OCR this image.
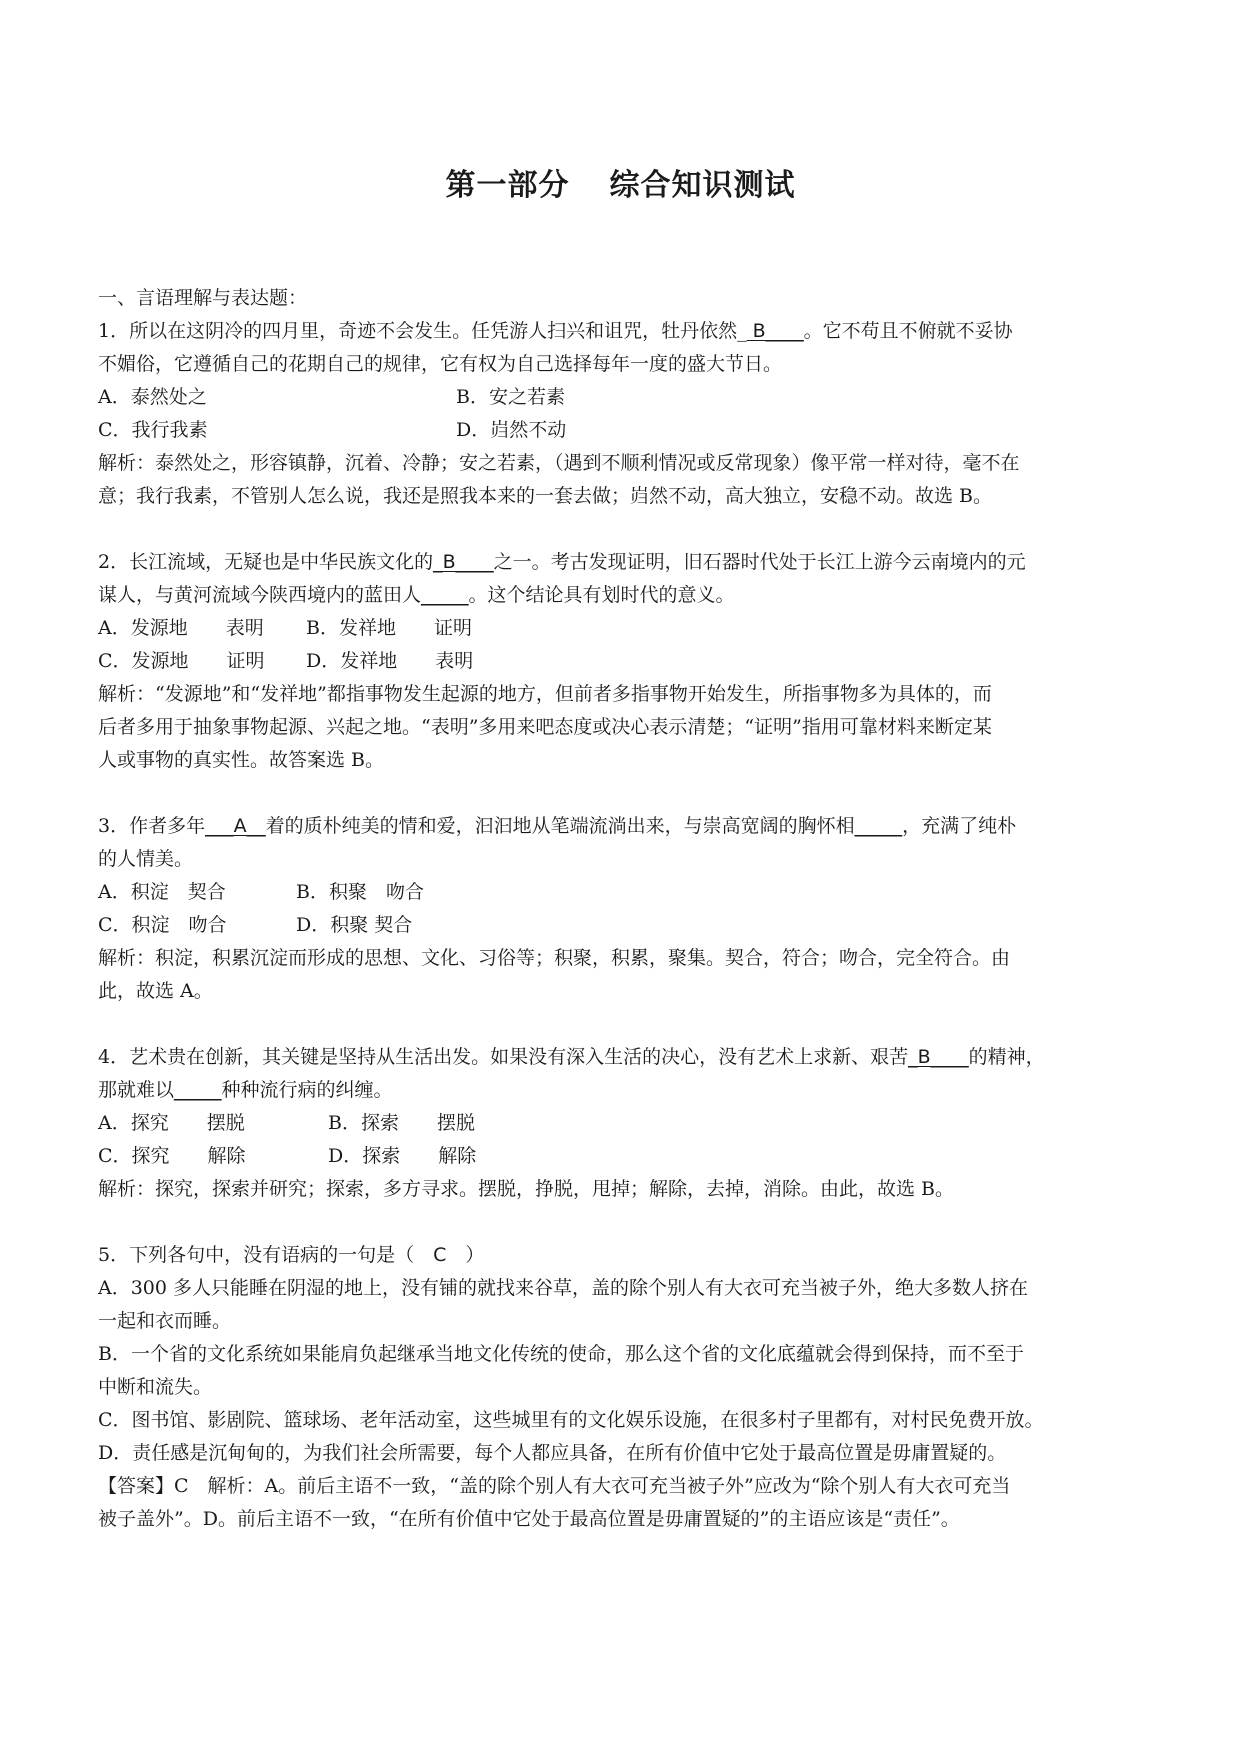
第一部分 综合知识测试
一、言语理解与表达题：
1．所以在这阴冷的四月里，奇迹不会发生。任凭游人扫兴和诅咒，牡丹依然_ B____。它不苟且不俯就不妥协
不媚俗，它遵循自己的花期自己的规律，它有权为自己选择每年一度的盛大节日。
A．泰然处之	B．安之若素
C．我行我素	D．岿然不动
解析：泰然处之，形容镇静，沉着、冷静；安之若素，（遇到不顺利情况或反常现象）像平常一样对待，毫不在
意；我行我素，不管别人怎么说，我还是照我本来的一套去做；岿然不动，高大独立，安稳不动。故选 B。
2．长江流域，无疑也是中华民族文化的_B____之一。考古发现证明，旧石器时代处于长江上游今云南境内的元
谋人，与黄河流域今陕西境内的蓝田人_____。这个结论具有划时代的意义。
A．发源地　　表明 B．发祥地　　证明
C．发源地　　证明 D．发祥地　　表明
解析：“发源地”和“发祥地”都指事物发生起源的地方，但前者多指事物开始发生，所指事物多为具体的，而
后者多用于抽象事物起源、兴起之地。“表明”多用来吧态度或决心表示清楚；“证明”指用可靠材料来断定某
人或事物的真实性。故答案选 B。
3．作者多年___A__着的质朴纯美的情和爱，汩汩地从笔端流淌出来，与崇高宽阔的胸怀相_____，充满了纯朴
的人情美。
A．积淀　契合	B．积聚　吻合
C．积淀　吻合	D．积聚 契合
解析：积淀，积累沉淀而形成的思想、文化、习俗等；积聚，积累，聚集。契合，符合；吻合，完全符合。由
此，故选 A。
4．艺术贵在创新，其关键是坚持从生活出发。如果没有深入生活的决心，没有艺术上求新、艰苦_B____的精神，
那就难以_____种种流行病的纠缠。
A．探究　　摆脱	B．探索　　摆脱
C．探究　　解除	D．探索　　解除
解析：探究，探索并研究；探索，多方寻求。摆脱，挣脱，甩掉；解除，去掉，消除。由此，故选 B。
5．下列各句中，没有语病的一句是（　C　）
A．300 多人只能睡在阴湿的地上，没有铺的就找来谷草，盖的除个别人有大衣可充当被子外，绝大多数人挤在
一起和衣而睡。
B．一个省的文化系统如果能肩负起继承当地文化传统的使命，那么这个省的文化底蕴就会得到保持，而不至于
中断和流失。
C．图书馆、影剧院、篮球场、老年活动室，这些城里有的文化娱乐设施，在很多村子里都有，对村民免费开放。
D．责任感是沉甸甸的，为我们社会所需要，每个人都应具备，在所有价值中它处于最高位置是毋庸置疑的。
【答案】C　解析：A。前后主语不一致，“盖的除个别人有大衣可充当被子外”应改为“除个别人有大衣可充当
被子盖外”。D。前后主语不一致，“在所有价值中它处于最高位置是毋庸置疑的”的主语应该是“责任”。
